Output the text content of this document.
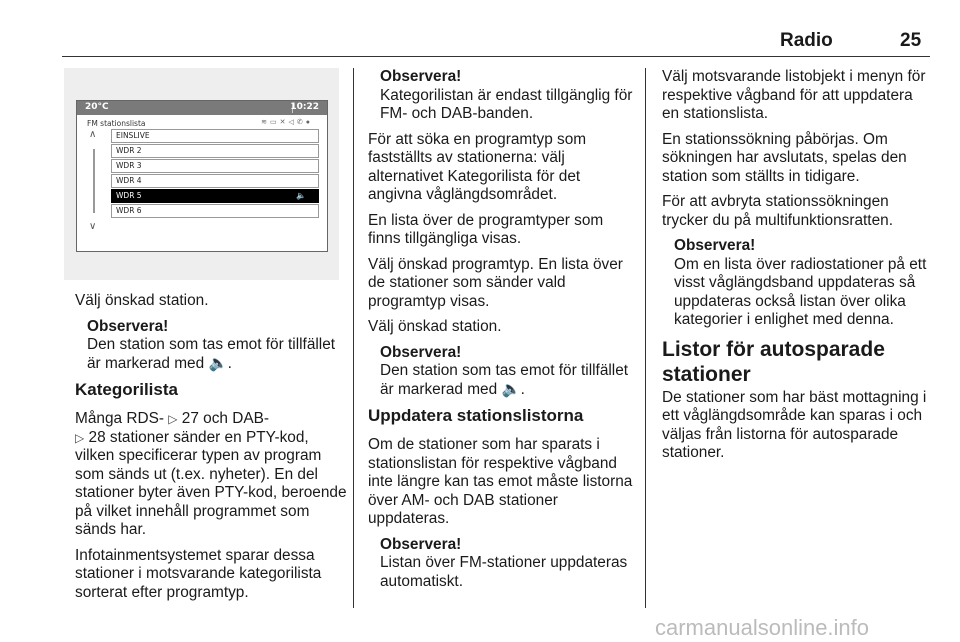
Radio	25
20°C	10:22
FM stationslista	≋▭✕◁✆●
∧
∨
EINSLIVE
WDR 2
WDR 3
WDR 4
WDR 5	🔈
WDR 6

Välj önskad station.

Observera!
Den station som tas emot för tillfället är markerad med 🔈.
Kategorilista

Många RDS- ▷ 27 och DAB-
▷ 28 stationer sänder en PTY-kod, vilken specificerar typen av program som sänds ut (t.ex. nyheter). En del stationer byter även PTY-kod, beroende på vilket innehåll programmet som sänds har.

Infotainmentsystemet sparar dessa stationer i motsvarande kategorilista sorterat efter programtyp.

Observera!
Kategorilistan är endast tillgänglig för FM- och DAB-banden.

För att söka en programtyp som fastställts av stationerna: välj alternativet Kategorilista för det angivna våglängdsområdet.

En lista över de programtyper som finns tillgängliga visas.

Välj önskad programtyp. En lista över de stationer som sänder vald programtyp visas.

Välj önskad station.

Observera!
Den station som tas emot för tillfället är markerad med 🔈.
Uppdatera stationslistorna

Om de stationer som har sparats i stationslistan för respektive vågband inte längre kan tas emot måste listorna över AM- och DAB stationer uppdateras.

Observera!
Listan över FM-stationer uppdateras automatiskt.

Välj motsvarande listobjekt i menyn för respektive vågband för att uppdatera en stationslista.

En stationssökning påbörjas. Om sökningen har avslutats, spelas den station som ställts in tidigare.

För att avbryta stationssökningen trycker du på multifunktionsratten.

Observera!
Om en lista över radiostationer på ett visst våglängdsband uppdateras så uppdateras också listan över olika kategorier i enlighet med denna.
Listor för autosparade stationer

De stationer som har bäst mottagning i ett våglängdsområde kan sparas i och väljas från listorna för autosparade stationer.

carmanualsonline.info
